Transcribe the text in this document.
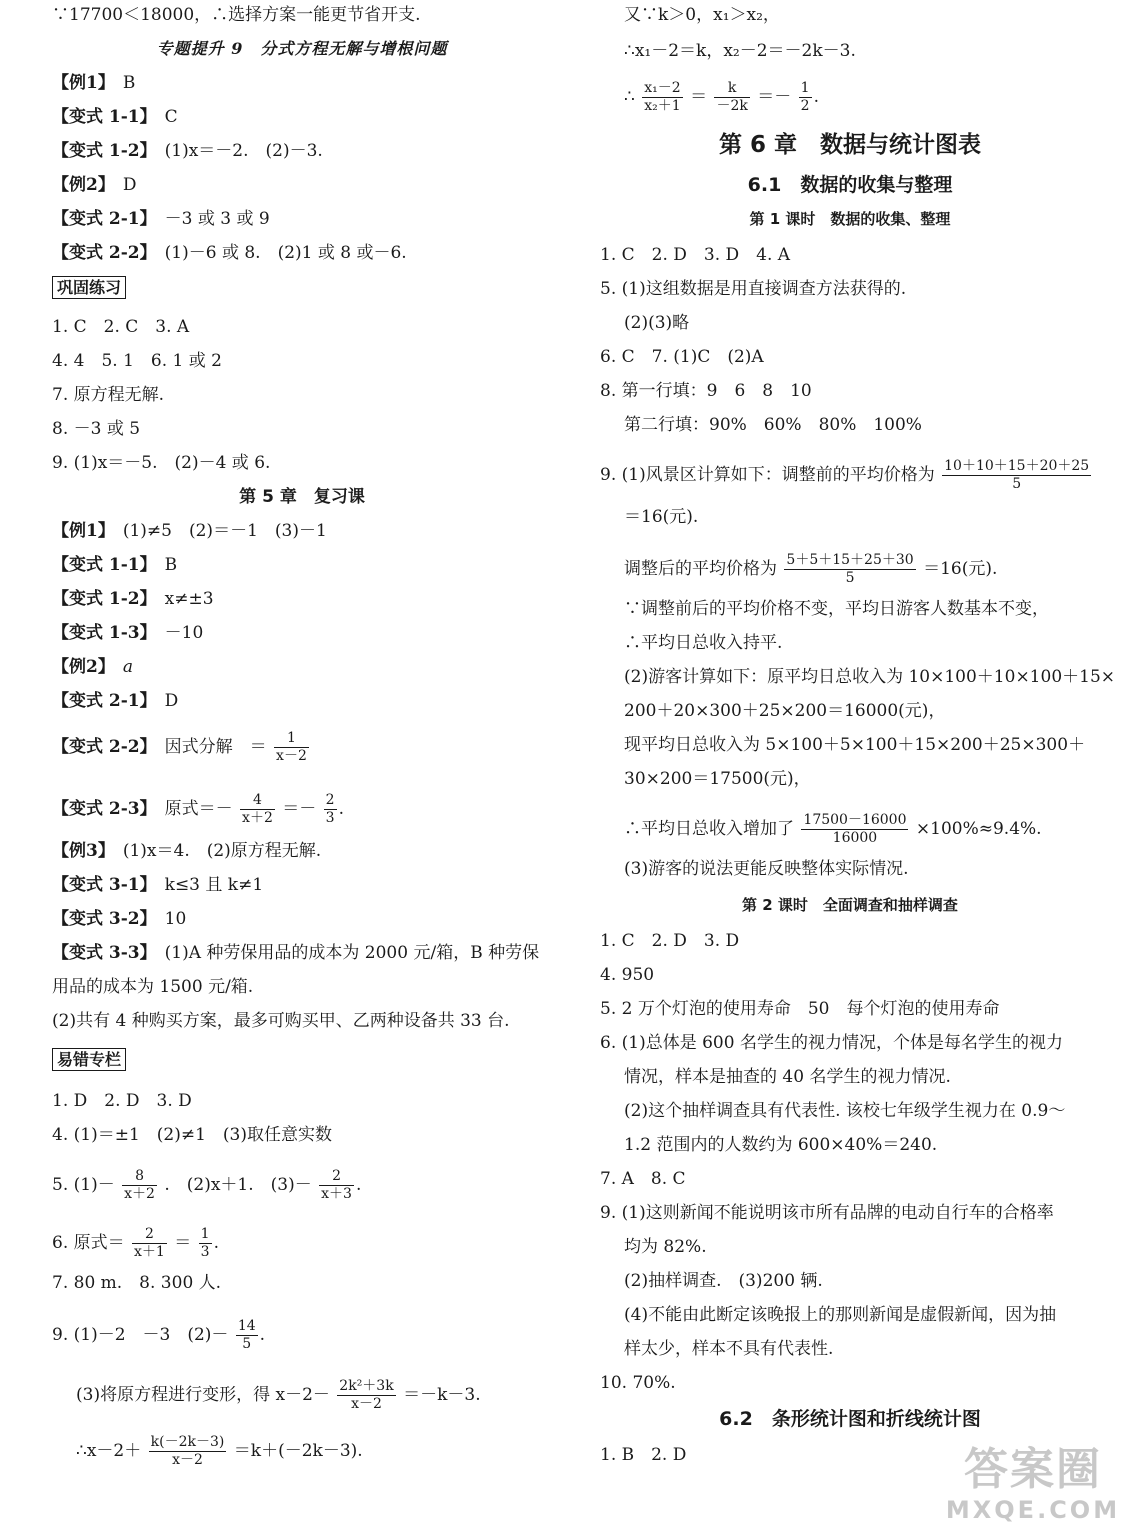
∵17700＜18000，∴选择方案一能更节省开支.
专题提升 9　分式方程无解与增根问题
【例1】 B
【变式 1-1】 C
【变式 1-2】 (1)x＝－2.　(2)－3.
【例2】 D
【变式 2-1】 －3 或 3 或 9
【变式 2-2】 (1)－6 或 8.　(2)1 或 8 或－6.
巩固练习
1. C　2. C　3. A
4. 4　5. 1　6. 1 或 2
7. 原方程无解.
8. －3 或 5
9. (1)x＝－5.　(2)－4 或 6.
第 5 章　复习课
【例1】 (1)≠5　(2)＝－1　(3)－1
【变式 1-1】 B
【变式 1-2】 x≠±3
【变式 1-3】 －10
【例2】 a
【变式 2-1】 D
【变式 2-2】 因式分解　＝ $\frac{1}{x-2}$
【变式 2-3】 原式＝－ $\frac{4}{x+2} =- \frac{2}{3}$ .
【例3】 (1)x＝4.　(2)原方程无解.
【变式 3-1】 k≤3 且 k≠1
【变式 3-2】 10
【变式 3-3】 (1)A 种劳保用品的成本为 2000 元/箱，B 种劳保
用品的成本为 1500 元/箱.
(2)共有 4 种购买方案，最多可购买甲、乙两种设备共 33 台.
易错专栏
1. D　2. D　3. D
4. (1)＝±1　(2)≠1　(3)取任意实数
5. $(1)- \frac{8}{x+2}$ .　(2)x＋1.　$(3)- \frac{2}{x+3}$ .
6. 原式＝ $\frac{2}{x+1} = \frac{1}{3}$ .
7. 80 m.　8. 300 人.
9. (1)－2　－3　$(2)- \frac{14}{5}$ .
(3)将原方程进行变形，得 $x-2- \frac{\text{2k²＋3k}}{x-2} =-k-3$.
∴x－2＋ $\frac{k(-2k-3)}{x-2} =k+(-2k-3)$.
又∵k＞0，x₁＞x₂，
∴x₁－2＝k，x₂－2＝－2k－3.
∴ $\frac{\text{x₁－2}}{\text{x₂＋1}} = \frac{k}{-2k} =- \frac{1}{2}$ .
第 6 章　数据与统计图表
6.1　数据的收集与整理
第 1 课时　数据的收集、整理
1. C　2. D　3. D　4. A
5. (1)这组数据是用直接调查方法获得的.
(2)(3)略
6. C　7. (1)C　(2)A
8. 第一行填：9　6　8　10
第二行填：90%　60%　80%　100%
9. (1)风景区计算如下：调整前的平均价格为 $\frac{10+10+15+20+25}{5}$
＝16(元).
调整后的平均价格为 $\frac{5+5+15+25+30}{5} =16$(元).
∵调整前后的平均价格不变，平均日游客人数基本不变，
∴平均日总收入持平.
(2)游客计算如下：原平均日总收入为 10×100＋10×100＋15×
200＋20×300＋25×200＝16000(元)，
现平均日总收入为 5×100＋5×100＋15×200＋25×300＋
30×200＝17500(元)，
∴平均日总收入增加了 $\frac{17500-16000}{16000} \times 100\%\approx 9.4\%$.
(3)游客的说法更能反映整体实际情况.
第 2 课时　全面调查和抽样调查
1. C　2. D　3. D
4. 950
5. 2 万个灯泡的使用寿命　50　每个灯泡的使用寿命
6. (1)总体是 600 名学生的视力情况，个体是每名学生的视力
情况，样本是抽查的 40 名学生的视力情况.
(2)这个抽样调查具有代表性. 该校七年级学生视力在 0.9～
1.2 范围内的人数约为 600×40%＝240.
7. A　8. C
9. (1)这则新闻不能说明该市所有品牌的电动自行车的合格率
均为 82%.
(2)抽样调查.　(3)200 辆.
(4)不能由此断定该晚报上的那则新闻是虚假新闻，因为抽
样太少，样本不具有代表性.
10. 70%.
6.2　条形统计图和折线统计图
1. B　2. D	答案圈
MXQE.COM
